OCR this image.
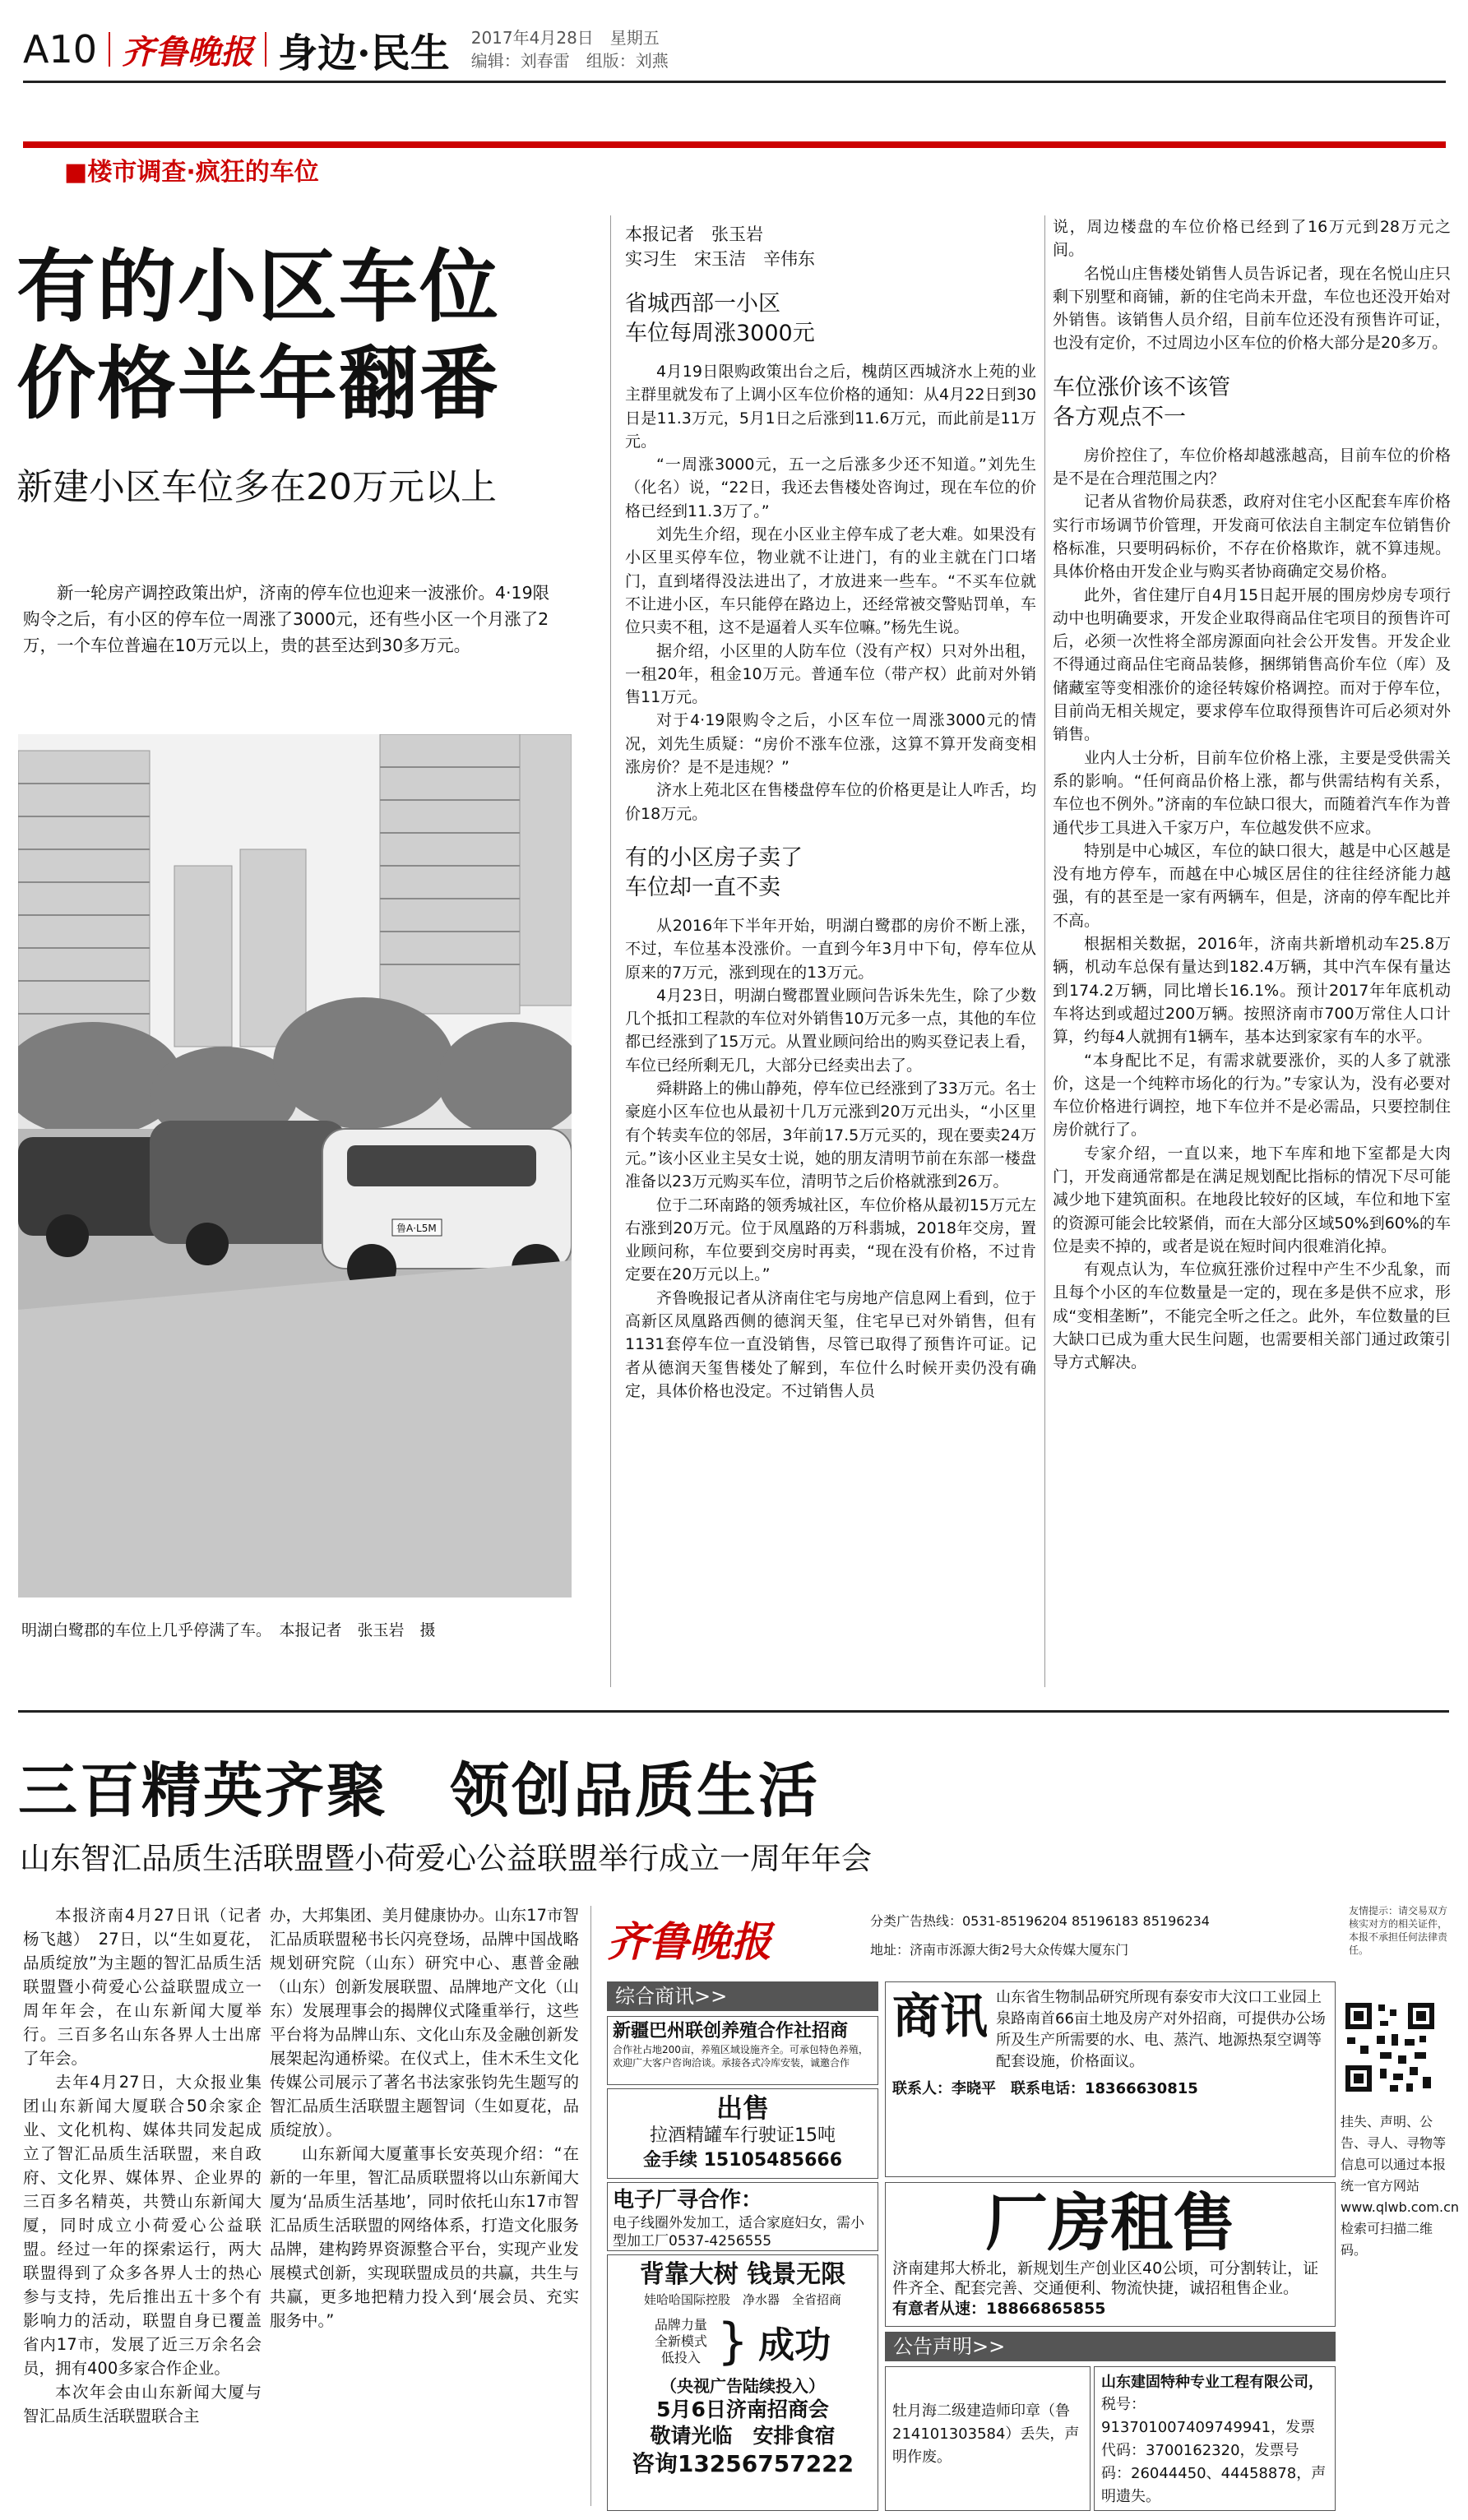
A10 齐鲁晚报 身边·民生 2017年4月28日　星期五
编辑：刘春雷　组版：刘燕
■楼市调查·疯狂的车位
有的小区车位
价格半年翻番
新建小区车位多在20万元以上
新一轮房产调控政策出炉，济南的停车位也迎来一波涨价。4·19限购令之后，有小区的停车位一周涨了3000元，还有些小区一个月涨了2万，一个车位普遍在10万元以上，贵的甚至达到30多万元。
鲁A·L5M
明湖白鹭郡的车位上几乎停满了车。　本报记者　张玉岩　摄

本报记者　张玉岩

实习生　宋玉洁　辛伟东

省城西部一小区
车位每周涨3000元

4月19日限购政策出台之后，槐荫区西城济水上苑的业主群里就发布了上调小区车位价格的通知：从4月22日到30日是11.3万元，5月1日之后涨到11.6万元，而此前是11万元。

“一周涨3000元，五一之后涨多少还不知道。”刘先生（化名）说，“22日，我还去售楼处咨询过，现在车位的价格已经到11.3万了。”

刘先生介绍，现在小区业主停车成了老大难。如果没有小区里买停车位，物业就不让进门，有的业主就在门口堵门，直到堵得没法进出了，才放进来一些车。“不买车位就不让进小区，车只能停在路边上，还经常被交警贴罚单，车位只卖不租，这不是逼着人买车位嘛。”杨先生说。

据介绍，小区里的人防车位（没有产权）只对外出租，一租20年，租金10万元。普通车位（带产权）此前对外销售11万元。

对于4·19限购令之后，小区车位一周涨3000元的情况，刘先生质疑：“房价不涨车位涨，这算不算开发商变相涨房价？是不是违规？”

济水上苑北区在售楼盘停车位的价格更是让人咋舌，均价18万元。

有的小区房子卖了
车位却一直不卖

从2016年下半年开始，明湖白鹭郡的房价不断上涨，不过，车位基本没涨价。一直到今年3月中下旬，停车位从原来的7万元，涨到现在的13万元。

4月23日，明湖白鹭郡置业顾问告诉朱先生，除了少数几个抵扣工程款的车位对外销售10万元多一点，其他的车位都已经涨到了15万元。从置业顾问给出的购买登记表上看，车位已经所剩无几，大部分已经卖出去了。

舜耕路上的佛山静苑，停车位已经涨到了33万元。名士豪庭小区车位也从最初十几万元涨到20万元出头，“小区里有个转卖车位的邻居，3年前17.5万元买的，现在要卖24万元。”该小区业主吴女士说，她的朋友清明节前在东部一楼盘准备以23万元购买车位，清明节之后价格就涨到26万。

位于二环南路的领秀城社区，车位价格从最初15万元左右涨到20万元。位于凤凰路的万科翡城，2018年交房，置业顾问称，车位要到交房时再卖，“现在没有价格，不过肯定要在20万元以上。”

齐鲁晚报记者从济南住宅与房地产信息网上看到，位于高新区凤凰路西侧的德润天玺，住宅早已对外销售，但有1131套停车位一直没销售，尽管已取得了预售许可证。记者从德润天玺售楼处了解到，车位什么时候开卖仍没有确定，具体价格也没定。不过销售人员

说，周边楼盘的车位价格已经到了16万元到28万元之间。

名悦山庄售楼处销售人员告诉记者，现在名悦山庄只剩下别墅和商铺，新的住宅尚未开盘，车位也还没开始对外销售。该销售人员介绍，目前车位还没有预售许可证，也没有定价，不过周边小区车位的价格大部分是20多万。

车位涨价该不该管
各方观点不一

房价控住了，车位价格却越涨越高，目前车位的价格是不是在合理范围之内？

记者从省物价局获悉，政府对住宅小区配套车库价格实行市场调节价管理，开发商可依法自主制定车位销售价格标准，只要明码标价，不存在价格欺诈，就不算违规。具体价格由开发企业与购买者协商确定交易价格。

此外，省住建厅自4月15日起开展的围房炒房专项行动中也明确要求，开发企业取得商品住宅项目的预售许可后，必须一次性将全部房源面向社会公开发售。开发企业不得通过商品住宅商品装修，捆绑销售高价车位（库）及储藏室等变相涨价的途径转嫁价格调控。而对于停车位，目前尚无相关规定，要求停车位取得预售许可后必须对外销售。

业内人士分析，目前车位价格上涨，主要是受供需关系的影响。“任何商品价格上涨，都与供需结构有关系，车位也不例外。”济南的车位缺口很大，而随着汽车作为普通代步工具进入千家万户，车位越发供不应求。

特别是中心城区，车位的缺口很大，越是中心区越是没有地方停车，而越在中心城区居住的往往经济能力越强，有的甚至是一家有两辆车，但是，济南的停车配比并不高。

根据相关数据，2016年，济南共新增机动车25.8万辆，机动车总保有量达到182.4万辆，其中汽车保有量达到174.2万辆，同比增长16.1%。预计2017年年底机动车将达到或超过200万辆。按照济南市700万常住人口计算，约每4人就拥有1辆车，基本达到家家有车的水平。

“本身配比不足，有需求就要涨价，买的人多了就涨价，这是一个纯粹市场化的行为。”专家认为，没有必要对车位价格进行调控，地下车位并不是必需品，只要控制住房价就行了。

专家介绍，一直以来，地下车库和地下室都是大肉门，开发商通常都是在满足规划配比指标的情况下尽可能减少地下建筑面积。在地段比较好的区域，车位和地下室的资源可能会比较紧俏，而在大部分区域50%到60%的车位是卖不掉的，或者是说在短时间内很难消化掉。

有观点认为，车位疯狂涨价过程中产生不少乱象，而且每个小区的车位数量是一定的，现在多是供不应求，形成“变相垄断”，不能完全听之任之。此外，车位数量的巨大缺口已成为重大民生问题，也需要相关部门通过政策引导方式解决。

三百精英齐聚　领创品质生活
山东智汇品质生活联盟暨小荷爱心公益联盟举行成立一周年年会

本报济南4月27日讯（记者　杨飞越）　27日，以“生如夏花，品质绽放”为主题的智汇品质生活联盟暨小荷爱心公益联盟成立一周年年会，在山东新闻大厦举行。三百多名山东各界人士出席了年会。

去年4月27日，大众报业集团山东新闻大厦联合50余家企业、文化机构、媒体共同发起成立了智汇品质生活联盟，来自政府、文化界、媒体界、企业界的三百多名精英，共赞山东新闻大厦，同时成立小荷爱心公益联盟。经过一年的探索运行，两大联盟得到了众多各界人士的热心参与支持，先后推出五十多个有影响力的活动，联盟自身已覆盖省内17市，发展了近三万余名会员，拥有400多家合作企业。

本次年会由山东新闻大厦与智汇品质生活联盟联合主

办，大邦集团、美月健康协办。山东17市智汇品质联盟秘书长闪亮登场，品牌中国战略规划研究院（山东）研究中心、惠普金融（山东）创新发展联盟、品牌地产文化（山东）发展理事会的揭牌仪式隆重举行，这些平台将为品牌山东、文化山东及金融创新发展架起沟通桥梁。在仪式上，佳木禾生文化传媒公司展示了著名书法家张钧先生题写的智汇品质生活联盟主题智词（生如夏花，品质绽放）。

山东新闻大厦董事长安英现介绍：“在新的一年里，智汇品质联盟将以山东新闻大厦为‘品质生活基地’，同时依托山东17市智汇品质生活联盟的网络体系，打造文化服务品牌，建构跨界资源整合平台，实现产业发展模式创新，实现联盟成员的共赢，共生与共赢，更多地把精力投入到‘展会员、充实服务中。”

齐鲁晚报	分类广告热线：0531-85196204 85196183 85196234
地址：济南市泺源大街2号大众传媒大厦东门
友情提示：请交易双方核实对方的相关证件，本报不承担任何法律责任。
综合商讯>>
新疆巴州联创养殖合作社招商
合作社占地200亩，养殖区域设施齐全。可承包特色养殖，欢迎广大客户咨询洽谈。承接各式冷库安装，诚邀合作
出售
拉酒精罐车行驶证15吨
金手续 15105485666
电子厂寻合作：
电子线圈外发加工，适合家庭妇女，需小型加工厂0537-4256555
背靠大树 钱景无限
娃哈哈国际控股　净水器　全省招商
品牌力量
全新模式
低投入 } 成功
（央视广告陆续投入）
5月6日济南招商会
敬请光临　安排食宿
咨询13256757222
商讯 山东省生物制品研究所现有泰安市大汶口工业园上泉路南首66亩土地及房产对外招商，可提供办公场所及生产所需要的水、电、蒸汽、地源热泵空调等配套设施，价格面议。
联系人：李晓平　联系电话：18366630815
厂房租售
济南建邦大桥北，新规划生产创业区40公顷，可分割转让，证件齐全、配套完善、交通便利、物流快捷，诚招租售企业。
有意者从速：18866865855
公告声明>>
牡月海二级建造师印章（鲁214101303584）丢失，声明作废。
山东建固特种专业工程有限公司，
税号：913701007409749941，发票代码：3700162320，发票号码：26044450、44458878，声明遗失。
挂失、声明、公告、寻人、寻物等信息可以通过本报统一官方网站www.qlwb.com.cn检索可扫描二维码。
